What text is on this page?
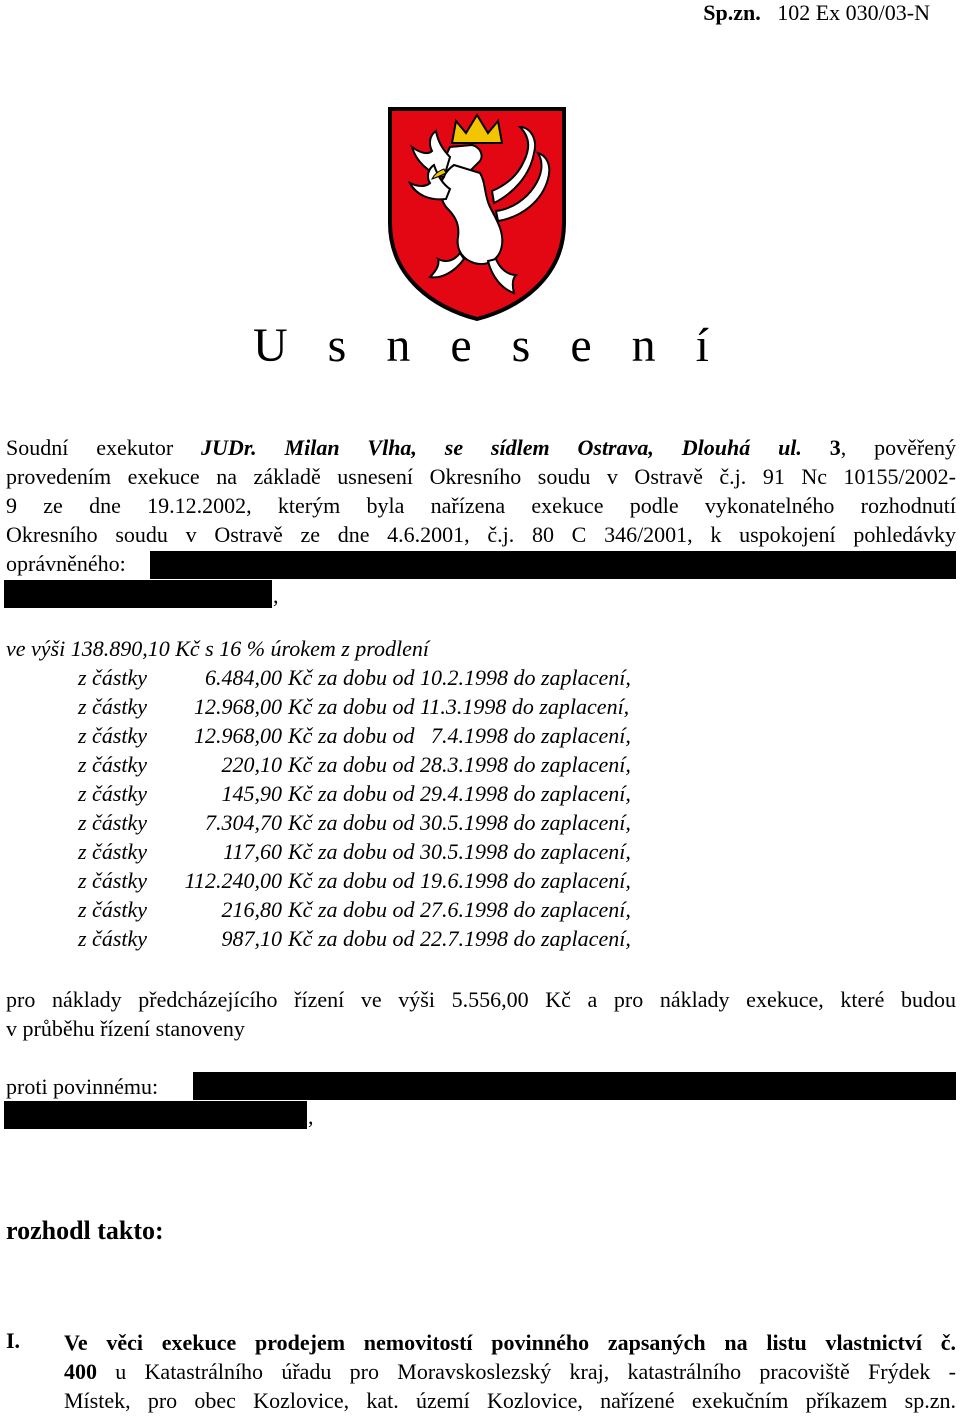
Sp.zn. 102 Ex 030/03-N
U s n e s e n í
Soudní exekutor JUDr. Milan Vlha, se sídlem Ostrava, Dlouhá ul. 3, pověřený
provedením exekuce na základě usnesení Okresního soudu v Ostravě č.j. 91 Nc 10155/2002-
9 ze dne 19.12.2002, kterým byla nařízena exekuce podle vykonatelného rozhodnutí
Okresního soudu v Ostravě ze dne 4.6.2001, č.j. 80 C 346/2001, k uspokojení pohledávky
oprávněného:
,
ve výši 138.890,10 Kč s 16 % úrokem z prodlení
z částky	6.484,00 Kč za dobu od 10.2.1998 do zaplacení,
z částky 12.968,00 Kč za dobu od 11.3.1998 do zaplacení,
z částky 12.968,00 Kč za dobu od   7.4.1998 do zaplacení,
z částky	220,10 Kč za dobu od 28.3.1998 do zaplacení,
z částky	145,90 Kč za dobu od 29.4.1998 do zaplacení,
z částky	7.304,70 Kč za dobu od 30.5.1998 do zaplacení,
z částky	117,60 Kč za dobu od 30.5.1998 do zaplacení,
z částky 112.240,00 Kč za dobu od 19.6.1998 do zaplacení,
z částky	216,80 Kč za dobu od 27.6.1998 do zaplacení,
z částky	987,10 Kč za dobu od 22.7.1998 do zaplacení,
pro náklady předcházejícího řízení ve výši 5.556,00 Kč a pro náklady exekuce, které budou
v průběhu řízení stanoveny
proti povinnému:
,
rozhodl takto:
I. Ve věci exekuce prodejem nemovitostí povinného zapsaných na listu vlastnictví č.
400 u Katastrálního úřadu pro Moravskoslezský kraj, katastrálního pracoviště Frýdek -
Místek, pro obec Kozlovice, kat. území Kozlovice, nařízené exekučním příkazem sp.zn.
